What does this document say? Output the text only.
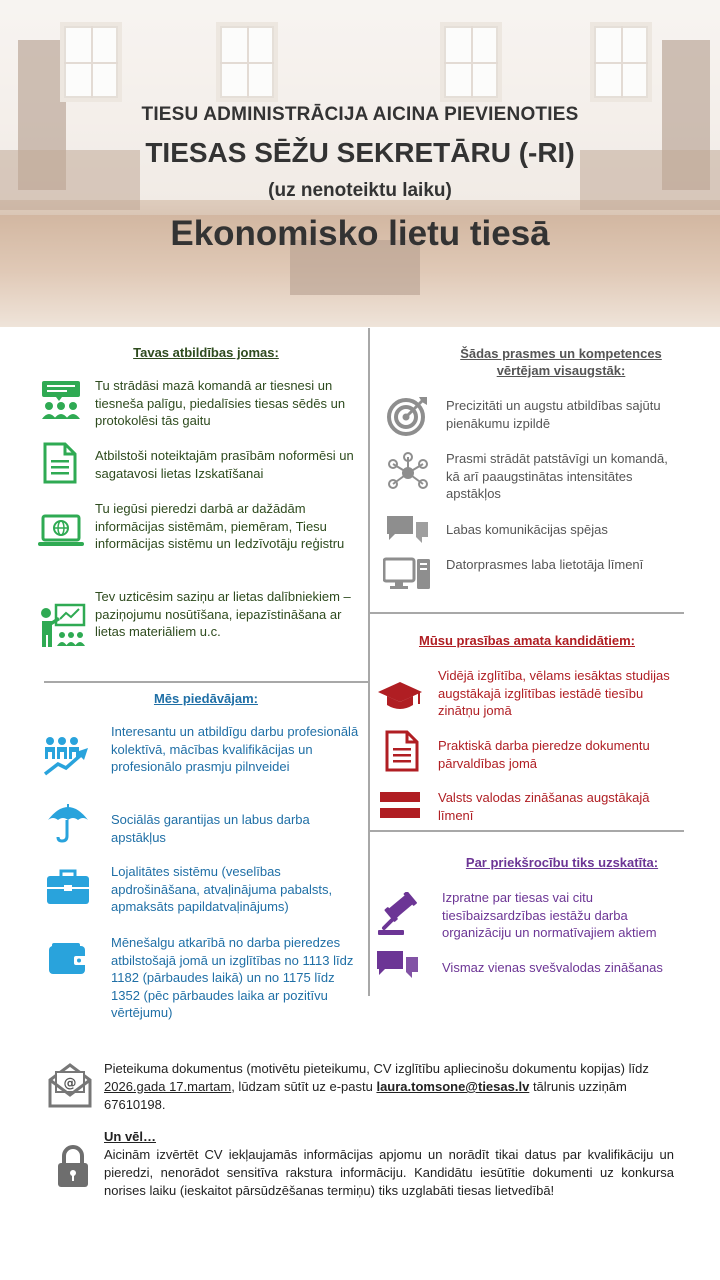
TIESU ADMINISTRĀCIJA AICINA PIEVIENOTIES
TIESAS SĒŽU SEKRETĀRU (-RI)
(uz nenoteiktu laiku)
Ekonomisko lietu tiesā
Tavas atbildības jomas:
Tu strādāsi mazā komandā ar tiesnesi un tiesneša palīgu, piedalīsies tiesas sēdēs un protokolēsi tās gaitu
Atbilstoši noteiktajām prasībām noformēsi un sagatavosi lietas Izskatīšanai
Tu iegūsi pieredzi darbā ar dažādām informācijas sistēmām, piemēram, Tiesu informācijas sistēmu un Iedzīvotāju reģistru
Tev uzticēsim saziņu ar lietas dalībniekiem – paziņojumu nosūtīšana, iepazīstināšana ar lietas materiāliem u.c.
Mēs piedāvājam:
Interesantu un atbildīgu darbu profesionālā kolektīvā, mācības kvalifikācijas un profesionālo prasmju pilnveidei
Sociālās garantijas un labus darba apstākļus
Lojalitātes sistēmu (veselības apdrošināšana, atvaļinājuma pabalsts, apmaksāts papildatvaļinājums)
Mēnešalgu atkarībā no darba pieredzes atbilstošajā jomā un izglītības no 1113 līdz 1182 (pārbaudes laikā) un no 1175 līdz 1352 (pēc pārbaudes laika ar pozitīvu vērtējumu)
Šādas prasmes un kompetences vērtējam visaugstāk:
Precizitāti un augstu atbildības sajūtu pienākumu izpildē
Prasmi strādāt patstāvīgi un komandā, kā arī paaugstinātas intensitātes apstākļos
Labas komunikācijas spējas
Datorprasmes laba lietotāja līmenī
Mūsu prasības amata kandidātiem:
Vidējā izglītība, vēlams iesāktas studijas augstākajā izglītības iestādē tiesību zinātņu jomā
Praktiskā darba pieredze dokumentu pārvaldības jomā
Valsts valodas zināšanas augstākajā līmenī
Par priekšrocību tiks uzskatīta:
Izpratne par tiesas vai citu tiesībaizsardzības iestāžu darba organizāciju un normatīvajiem aktiem
Vismaz vienas svešvalodas zināšanas
@
Pieteikuma dokumentus (motivētu pieteikumu, CV izglītību apliecinošu dokumentu kopijas) līdz 2026.gada 17.martam, lūdzam sūtīt uz e-pastu laura.tomsone@tiesas.lv tālrunis uzziņām 67610198.
Un vēl…
Aicinām izvērtēt CV iekļaujamās informācijas apjomu un norādīt tikai datus par kvalifikāciju un pieredzi, nenorādot sensitīva rakstura informāciju. Kandidātu iesūtītie dokumenti uz konkursa norises laiku (ieskaitot pārsūdzēšanas termiņu) tiks uzglabāti tiesas lietvedībā!
